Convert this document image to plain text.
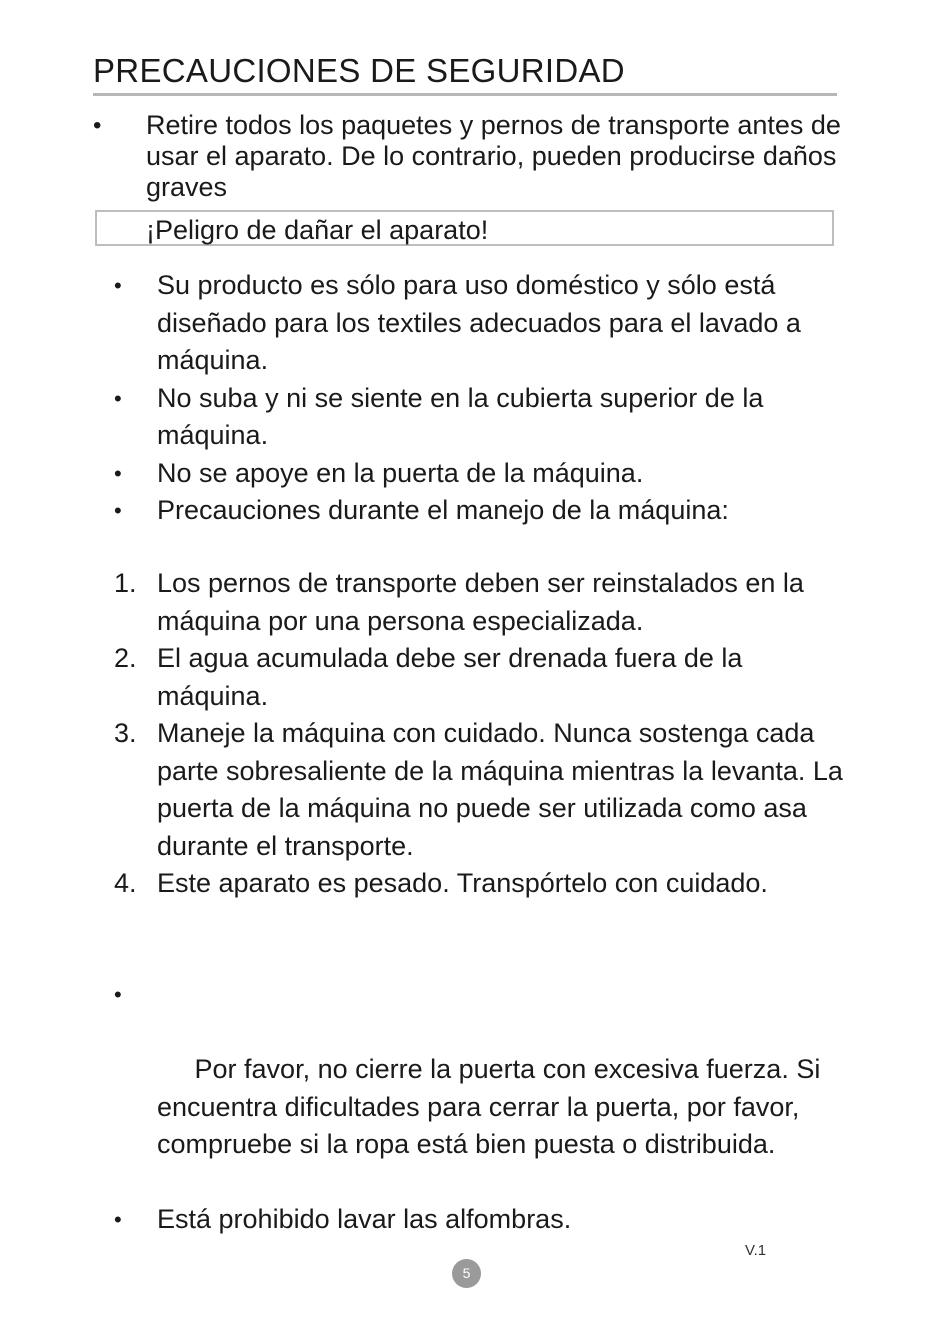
PRECAUCIONES DE SEGURIDAD
• Retire todos los paquetes y pernos de transporte antes de usar el aparato. De lo contrario, pueden producirse daños graves
¡Peligro de dañar el aparato!
•	Su producto es sólo para uso doméstico y sólo está diseñado para los textiles adecuados para el lavado a máquina.
•	No suba y ni se siente en la cubierta superior de la máquina.
•	No se apoye en la puerta de la máquina.
•	Precauciones durante el manejo de la máquina:
1. Los pernos de transporte deben ser reinstalados en la máquina por una persona especializada.
2. El agua acumulada debe ser drenada fuera de la máquina.
3. Maneje la máquina con cuidado. Nunca sostenga cada parte sobresaliente de la máquina mientras la levanta. La puerta de la máquina no puede ser utilizada como asa durante el transporte.
4. Este aparato es pesado. Transpórtelo con cuidado.

•

Por favor, no cierre la puerta con excesiva fuerza. Si encuentra dificultades para cerrar la puerta, por favor, compruebe si la ropa está bien puesta o distribuida.

•	Está prohibido lavar las alfombras.
V.1
5
